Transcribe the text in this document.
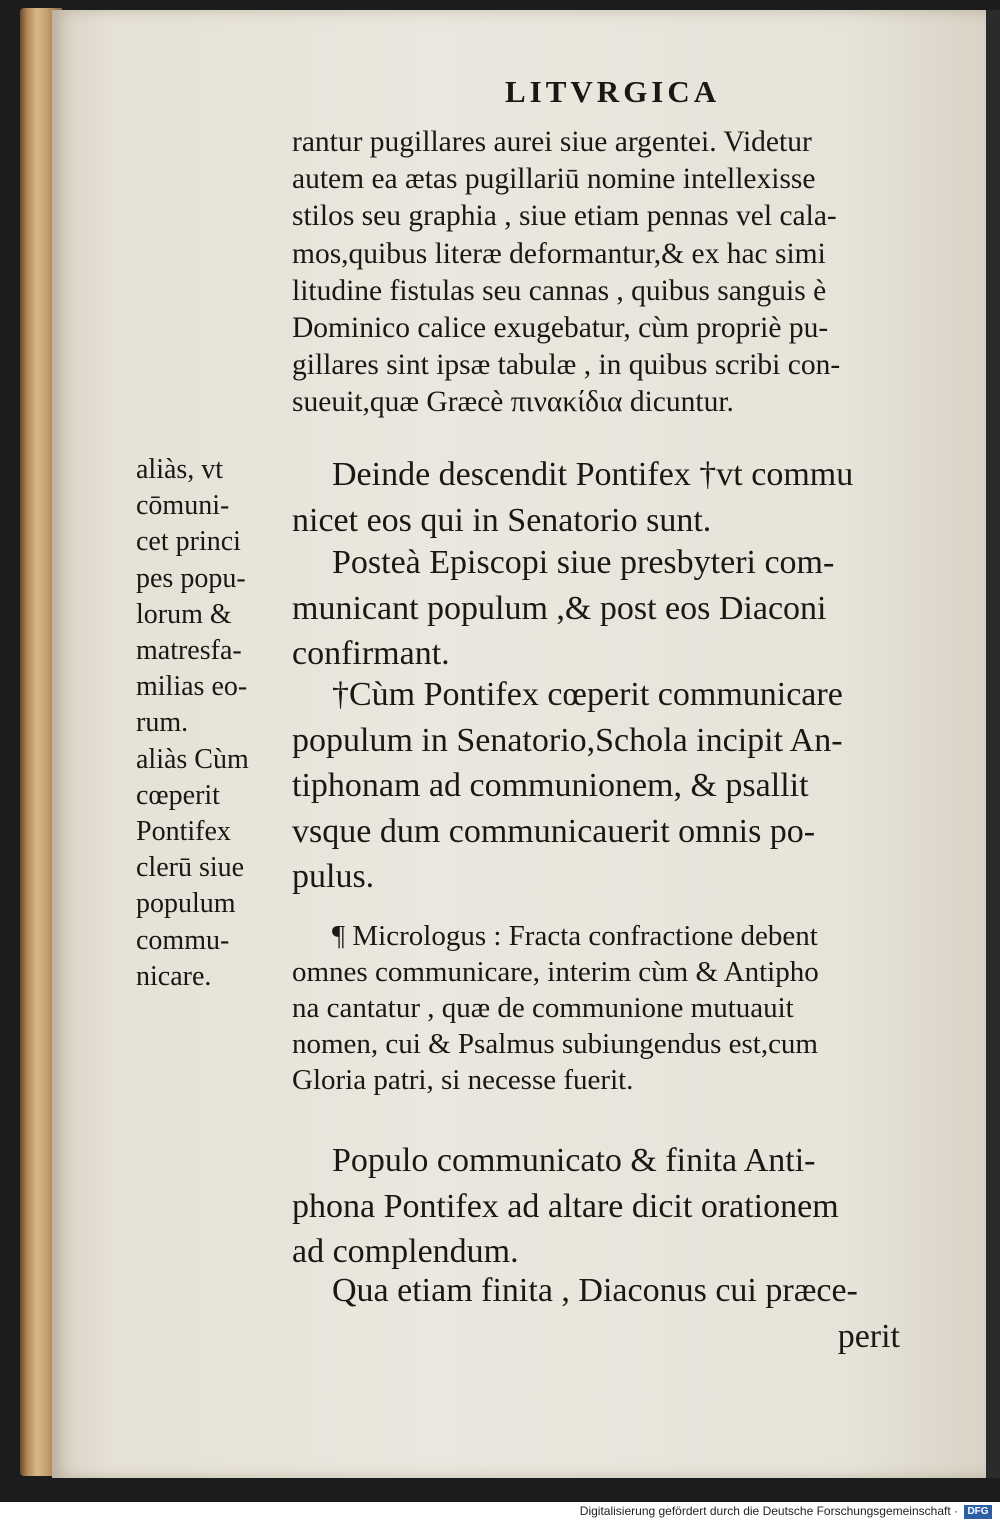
LITVRGICA
rantur pugillares aurei siue argentei. Videtur
autem ea ætas pugillariū nomine intellexisse
stilos seu graphia , siue etiam pennas vel cala-
mos,quibus literæ deformantur,& ex hac simi
litudine fistulas seu cannas , quibus sanguis è
Dominico calice exugebatur, cùm propriè pu-
gillares sint ipsæ tabulæ , in quibus scribi con-
sueuit,quæ Græcè πινακίδια dicuntur.
aliàs, vt
cōmuni-
cet princi
pes popu-
lorum &
matresfa-
milias eo-
rum.
aliàs Cùm
cœperit
Pontifex
clerū siue
populum
commu-
nicare.
Deinde descendit Pontifex †vt commu
nicet eos qui in Senatorio sunt.
Posteà Episcopi siue presbyteri com-
municant populum ,& post eos Diaconi
confirmant.
†Cùm Pontifex cœperit communicare
populum in Senatorio,Schola incipit An-
tiphonam ad communionem, & psallit
vsque dum communicauerit omnis po-
pulus.
¶ Micrologus : Fracta confractione debent
omnes communicare, interim cùm & Antipho
na cantatur , quæ de communione mutuauit
nomen, cui & Psalmus subiungendus est,cum
Gloria patri, si necesse fuerit.
Populo communicato & finita Anti-
phona Pontifex ad altare dicit orationem
ad complendum.
Qua etiam finita , Diaconus cui præce-
perit
Digitalisierung gefördert durch die Deutsche Forschungsgemeinschaft · DFG
